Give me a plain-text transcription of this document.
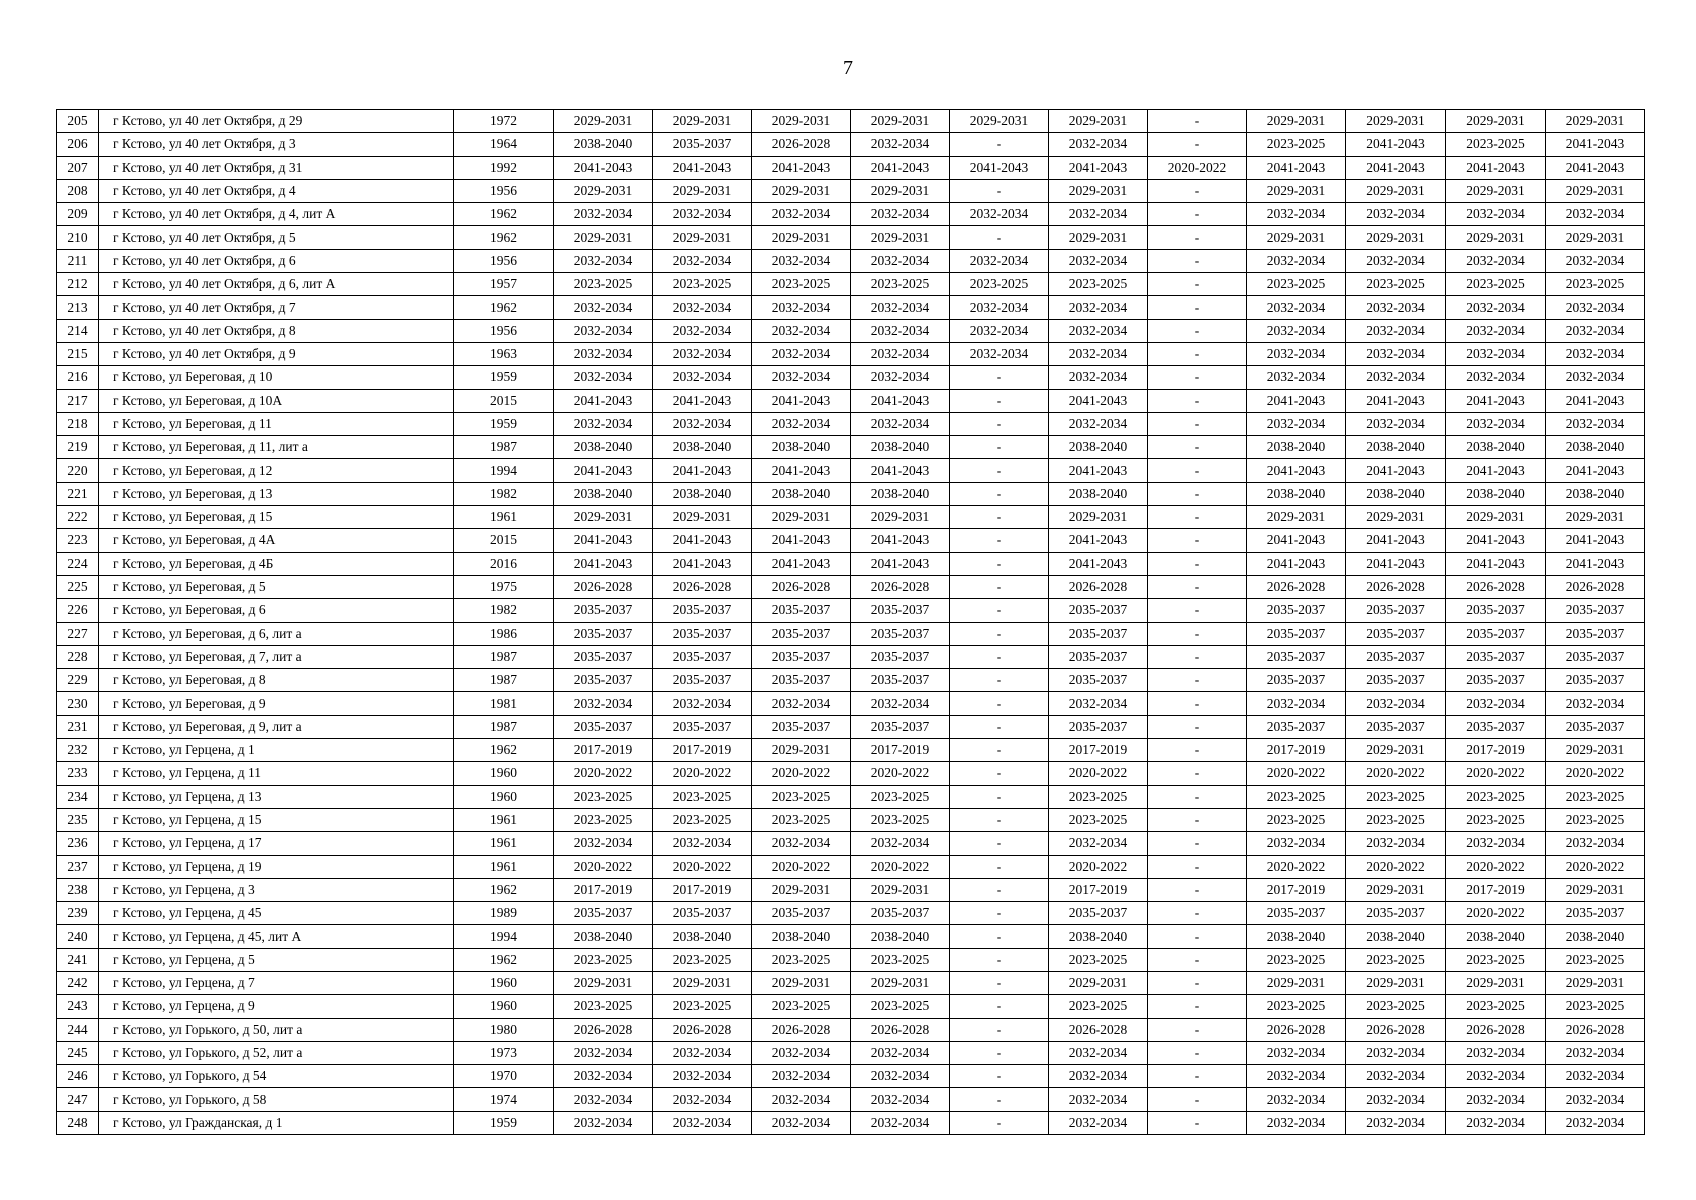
7
205	г Кстово, ул 40 лет Октября, д 29	1972	2029-2031	2029-2031	2029-2031	2029-2031	2029-2031	2029-2031	-	2029-2031	2029-2031	2029-2031	2029-2031
206	г Кстово, ул 40 лет Октября, д 3	1964	2038-2040	2035-2037	2026-2028	2032-2034	-	2032-2034	-	2023-2025	2041-2043	2023-2025	2041-2043
207	г Кстово, ул 40 лет Октября, д 31	1992	2041-2043	2041-2043	2041-2043	2041-2043	2041-2043	2041-2043	2020-2022	2041-2043	2041-2043	2041-2043	2041-2043
208	г Кстово, ул 40 лет Октября, д 4	1956	2029-2031	2029-2031	2029-2031	2029-2031	-	2029-2031	-	2029-2031	2029-2031	2029-2031	2029-2031
209	г Кстово, ул 40 лет Октября, д 4, лит А	1962	2032-2034	2032-2034	2032-2034	2032-2034	2032-2034	2032-2034	-	2032-2034	2032-2034	2032-2034	2032-2034
210	г Кстово, ул 40 лет Октября, д 5	1962	2029-2031	2029-2031	2029-2031	2029-2031	-	2029-2031	-	2029-2031	2029-2031	2029-2031	2029-2031
211	г Кстово, ул 40 лет Октября, д 6	1956	2032-2034	2032-2034	2032-2034	2032-2034	2032-2034	2032-2034	-	2032-2034	2032-2034	2032-2034	2032-2034
212	г Кстово, ул 40 лет Октября, д 6, лит А	1957	2023-2025	2023-2025	2023-2025	2023-2025	2023-2025	2023-2025	-	2023-2025	2023-2025	2023-2025	2023-2025
213	г Кстово, ул 40 лет Октября, д 7	1962	2032-2034	2032-2034	2032-2034	2032-2034	2032-2034	2032-2034	-	2032-2034	2032-2034	2032-2034	2032-2034
214	г Кстово, ул 40 лет Октября, д 8	1956	2032-2034	2032-2034	2032-2034	2032-2034	2032-2034	2032-2034	-	2032-2034	2032-2034	2032-2034	2032-2034
215	г Кстово, ул 40 лет Октября, д 9	1963	2032-2034	2032-2034	2032-2034	2032-2034	2032-2034	2032-2034	-	2032-2034	2032-2034	2032-2034	2032-2034
216	г Кстово, ул Береговая, д 10	1959	2032-2034	2032-2034	2032-2034	2032-2034	-	2032-2034	-	2032-2034	2032-2034	2032-2034	2032-2034
217	г Кстово, ул Береговая, д 10А	2015	2041-2043	2041-2043	2041-2043	2041-2043	-	2041-2043	-	2041-2043	2041-2043	2041-2043	2041-2043
218	г Кстово, ул Береговая, д 11	1959	2032-2034	2032-2034	2032-2034	2032-2034	-	2032-2034	-	2032-2034	2032-2034	2032-2034	2032-2034
219	г Кстово, ул Береговая, д 11, лит а	1987	2038-2040	2038-2040	2038-2040	2038-2040	-	2038-2040	-	2038-2040	2038-2040	2038-2040	2038-2040
220	г Кстово, ул Береговая, д 12	1994	2041-2043	2041-2043	2041-2043	2041-2043	-	2041-2043	-	2041-2043	2041-2043	2041-2043	2041-2043
221	г Кстово, ул Береговая, д 13	1982	2038-2040	2038-2040	2038-2040	2038-2040	-	2038-2040	-	2038-2040	2038-2040	2038-2040	2038-2040
222	г Кстово, ул Береговая, д 15	1961	2029-2031	2029-2031	2029-2031	2029-2031	-	2029-2031	-	2029-2031	2029-2031	2029-2031	2029-2031
223	г Кстово, ул Береговая, д 4А	2015	2041-2043	2041-2043	2041-2043	2041-2043	-	2041-2043	-	2041-2043	2041-2043	2041-2043	2041-2043
224	г Кстово, ул Береговая, д 4Б	2016	2041-2043	2041-2043	2041-2043	2041-2043	-	2041-2043	-	2041-2043	2041-2043	2041-2043	2041-2043
225	г Кстово, ул Береговая, д 5	1975	2026-2028	2026-2028	2026-2028	2026-2028	-	2026-2028	-	2026-2028	2026-2028	2026-2028	2026-2028
226	г Кстово, ул Береговая, д 6	1982	2035-2037	2035-2037	2035-2037	2035-2037	-	2035-2037	-	2035-2037	2035-2037	2035-2037	2035-2037
227	г Кстово, ул Береговая, д 6, лит а	1986	2035-2037	2035-2037	2035-2037	2035-2037	-	2035-2037	-	2035-2037	2035-2037	2035-2037	2035-2037
228	г Кстово, ул Береговая, д 7, лит а	1987	2035-2037	2035-2037	2035-2037	2035-2037	-	2035-2037	-	2035-2037	2035-2037	2035-2037	2035-2037
229	г Кстово, ул Береговая, д 8	1987	2035-2037	2035-2037	2035-2037	2035-2037	-	2035-2037	-	2035-2037	2035-2037	2035-2037	2035-2037
230	г Кстово, ул Береговая, д 9	1981	2032-2034	2032-2034	2032-2034	2032-2034	-	2032-2034	-	2032-2034	2032-2034	2032-2034	2032-2034
231	г Кстово, ул Береговая, д 9, лит а	1987	2035-2037	2035-2037	2035-2037	2035-2037	-	2035-2037	-	2035-2037	2035-2037	2035-2037	2035-2037
232	г Кстово, ул Герцена, д 1	1962	2017-2019	2017-2019	2029-2031	2017-2019	-	2017-2019	-	2017-2019	2029-2031	2017-2019	2029-2031
233	г Кстово, ул Герцена, д 11	1960	2020-2022	2020-2022	2020-2022	2020-2022	-	2020-2022	-	2020-2022	2020-2022	2020-2022	2020-2022
234	г Кстово, ул Герцена, д 13	1960	2023-2025	2023-2025	2023-2025	2023-2025	-	2023-2025	-	2023-2025	2023-2025	2023-2025	2023-2025
235	г Кстово, ул Герцена, д 15	1961	2023-2025	2023-2025	2023-2025	2023-2025	-	2023-2025	-	2023-2025	2023-2025	2023-2025	2023-2025
236	г Кстово, ул Герцена, д 17	1961	2032-2034	2032-2034	2032-2034	2032-2034	-	2032-2034	-	2032-2034	2032-2034	2032-2034	2032-2034
237	г Кстово, ул Герцена, д 19	1961	2020-2022	2020-2022	2020-2022	2020-2022	-	2020-2022	-	2020-2022	2020-2022	2020-2022	2020-2022
238	г Кстово, ул Герцена, д 3	1962	2017-2019	2017-2019	2029-2031	2029-2031	-	2017-2019	-	2017-2019	2029-2031	2017-2019	2029-2031
239	г Кстово, ул Герцена, д 45	1989	2035-2037	2035-2037	2035-2037	2035-2037	-	2035-2037	-	2035-2037	2035-2037	2020-2022	2035-2037
240	г Кстово, ул Герцена, д 45, лит А	1994	2038-2040	2038-2040	2038-2040	2038-2040	-	2038-2040	-	2038-2040	2038-2040	2038-2040	2038-2040
241	г Кстово, ул Герцена, д 5	1962	2023-2025	2023-2025	2023-2025	2023-2025	-	2023-2025	-	2023-2025	2023-2025	2023-2025	2023-2025
242	г Кстово, ул Герцена, д 7	1960	2029-2031	2029-2031	2029-2031	2029-2031	-	2029-2031	-	2029-2031	2029-2031	2029-2031	2029-2031
243	г Кстово, ул Герцена, д 9	1960	2023-2025	2023-2025	2023-2025	2023-2025	-	2023-2025	-	2023-2025	2023-2025	2023-2025	2023-2025
244	г Кстово, ул Горького, д 50, лит а	1980	2026-2028	2026-2028	2026-2028	2026-2028	-	2026-2028	-	2026-2028	2026-2028	2026-2028	2026-2028
245	г Кстово, ул Горького, д 52, лит а	1973	2032-2034	2032-2034	2032-2034	2032-2034	-	2032-2034	-	2032-2034	2032-2034	2032-2034	2032-2034
246	г Кстово, ул Горького, д 54	1970	2032-2034	2032-2034	2032-2034	2032-2034	-	2032-2034	-	2032-2034	2032-2034	2032-2034	2032-2034
247	г Кстово, ул Горького, д 58	1974	2032-2034	2032-2034	2032-2034	2032-2034	-	2032-2034	-	2032-2034	2032-2034	2032-2034	2032-2034
248	г Кстово, ул Гражданская, д 1	1959	2032-2034	2032-2034	2032-2034	2032-2034	-	2032-2034	-	2032-2034	2032-2034	2032-2034	2032-2034
